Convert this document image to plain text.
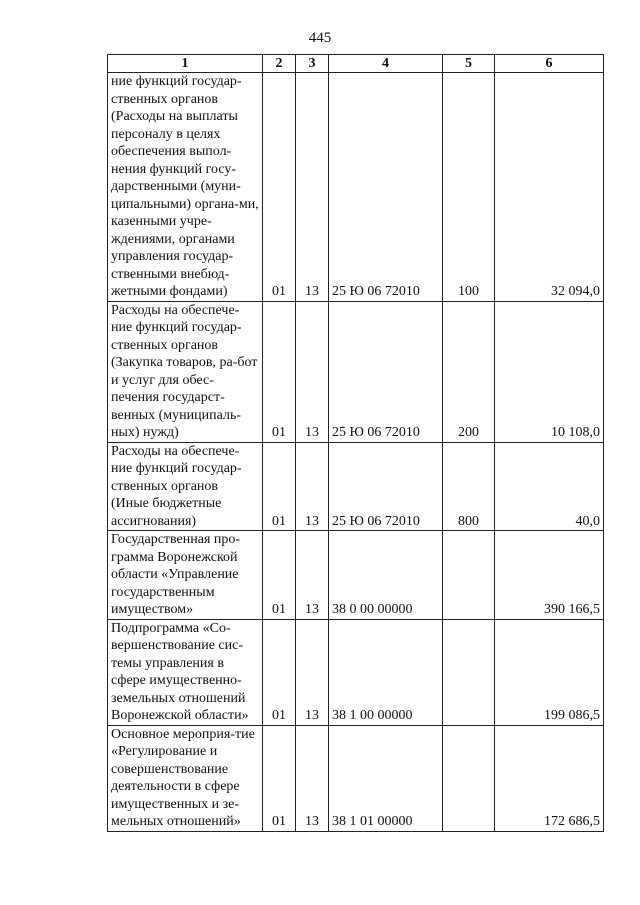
445
1	2	3	4	5	6
ние функций государ-ственных органов (Расходы на выплаты персоналу в целях обеспечения выпол-нения функций госу-дарственными (муни-ципальными) органа-ми, казенными учре-ждениями, органами управления государ-ственными внебюд-жетными фондами)	01	13	25 Ю 06 72010	100	32 094,0
Расходы на обеспече-ние функций государ-ственных органов (Закупка товаров, ра-бот и услуг для обес-печения государст-венных (муниципаль-ных) нужд)	01	13	25 Ю 06 72010	200	10 108,0
Расходы на обеспече-ние функций государ-ственных органов (Иные бюджетные ассигнования)	01	13	25 Ю 06 72010	800	40,0
Государственная про-грамма Воронежской области «Управление государственным имуществом»	01	13	38 0 00 00000		390 166,5
Подпрограмма «Со-вершенствование сис-темы управления в сфере имущественно-земельных отношений Воронежской области»	01	13	38 1 00 00000		199 086,5
Основное мероприя-тие «Регулирование и совершенствование деятельности в сфере имущественных и зе-мельных отношений»	01	13	38 1 01 00000		172 686,5
